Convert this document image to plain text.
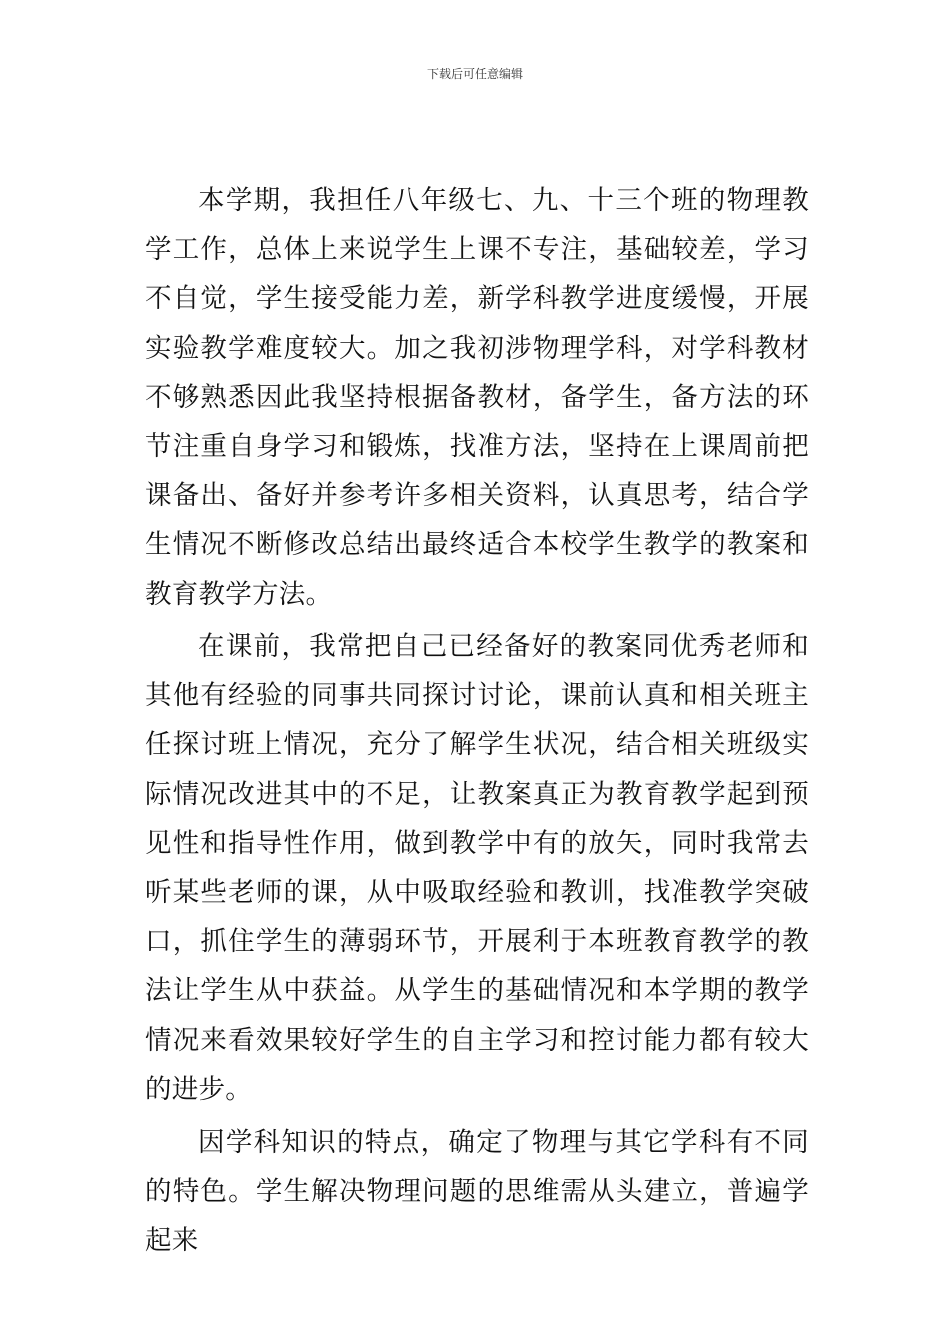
下载后可任意编辑

本学期，我担任八年级七、九、十三个班的物理教学工作，总体上来说学生上课不专注，基础较差，学习不自觉，学生接受能力差，新学科教学进度缓慢，开展实验教学难度较大。加之我初涉物理学科，对学科教材不够熟悉因此我坚持根据备教材，备学生，备方法的环节注重自身学习和锻炼，找准方法，坚持在上课周前把课备出、备好并参考许多相关资料，认真思考，结合学生情况不断修改总结出最终适合本校学生教学的教案和教育教学方法。

在课前，我常把自己已经备好的教案同优秀老师和其他有经验的同事共同探讨讨论，课前认真和相关班主任探讨班上情况，充分了解学生状况，结合相关班级实际情况改进其中的不足，让教案真正为教育教学起到预见性和指导性作用，做到教学中有的放矢，同时我常去听某些老师的课，从中吸取经验和教训，找准教学突破口，抓住学生的薄弱环节，开展利于本班教育教学的教法让学生从中获益。从学生的基础情况和本学期的教学情况来看效果较好学生的自主学习和控讨能力都有较大的进步。

因学科知识的特点，确定了物理与其它学科有不同的特色。学生解决物理问题的思维需从头建立，普遍学起来
